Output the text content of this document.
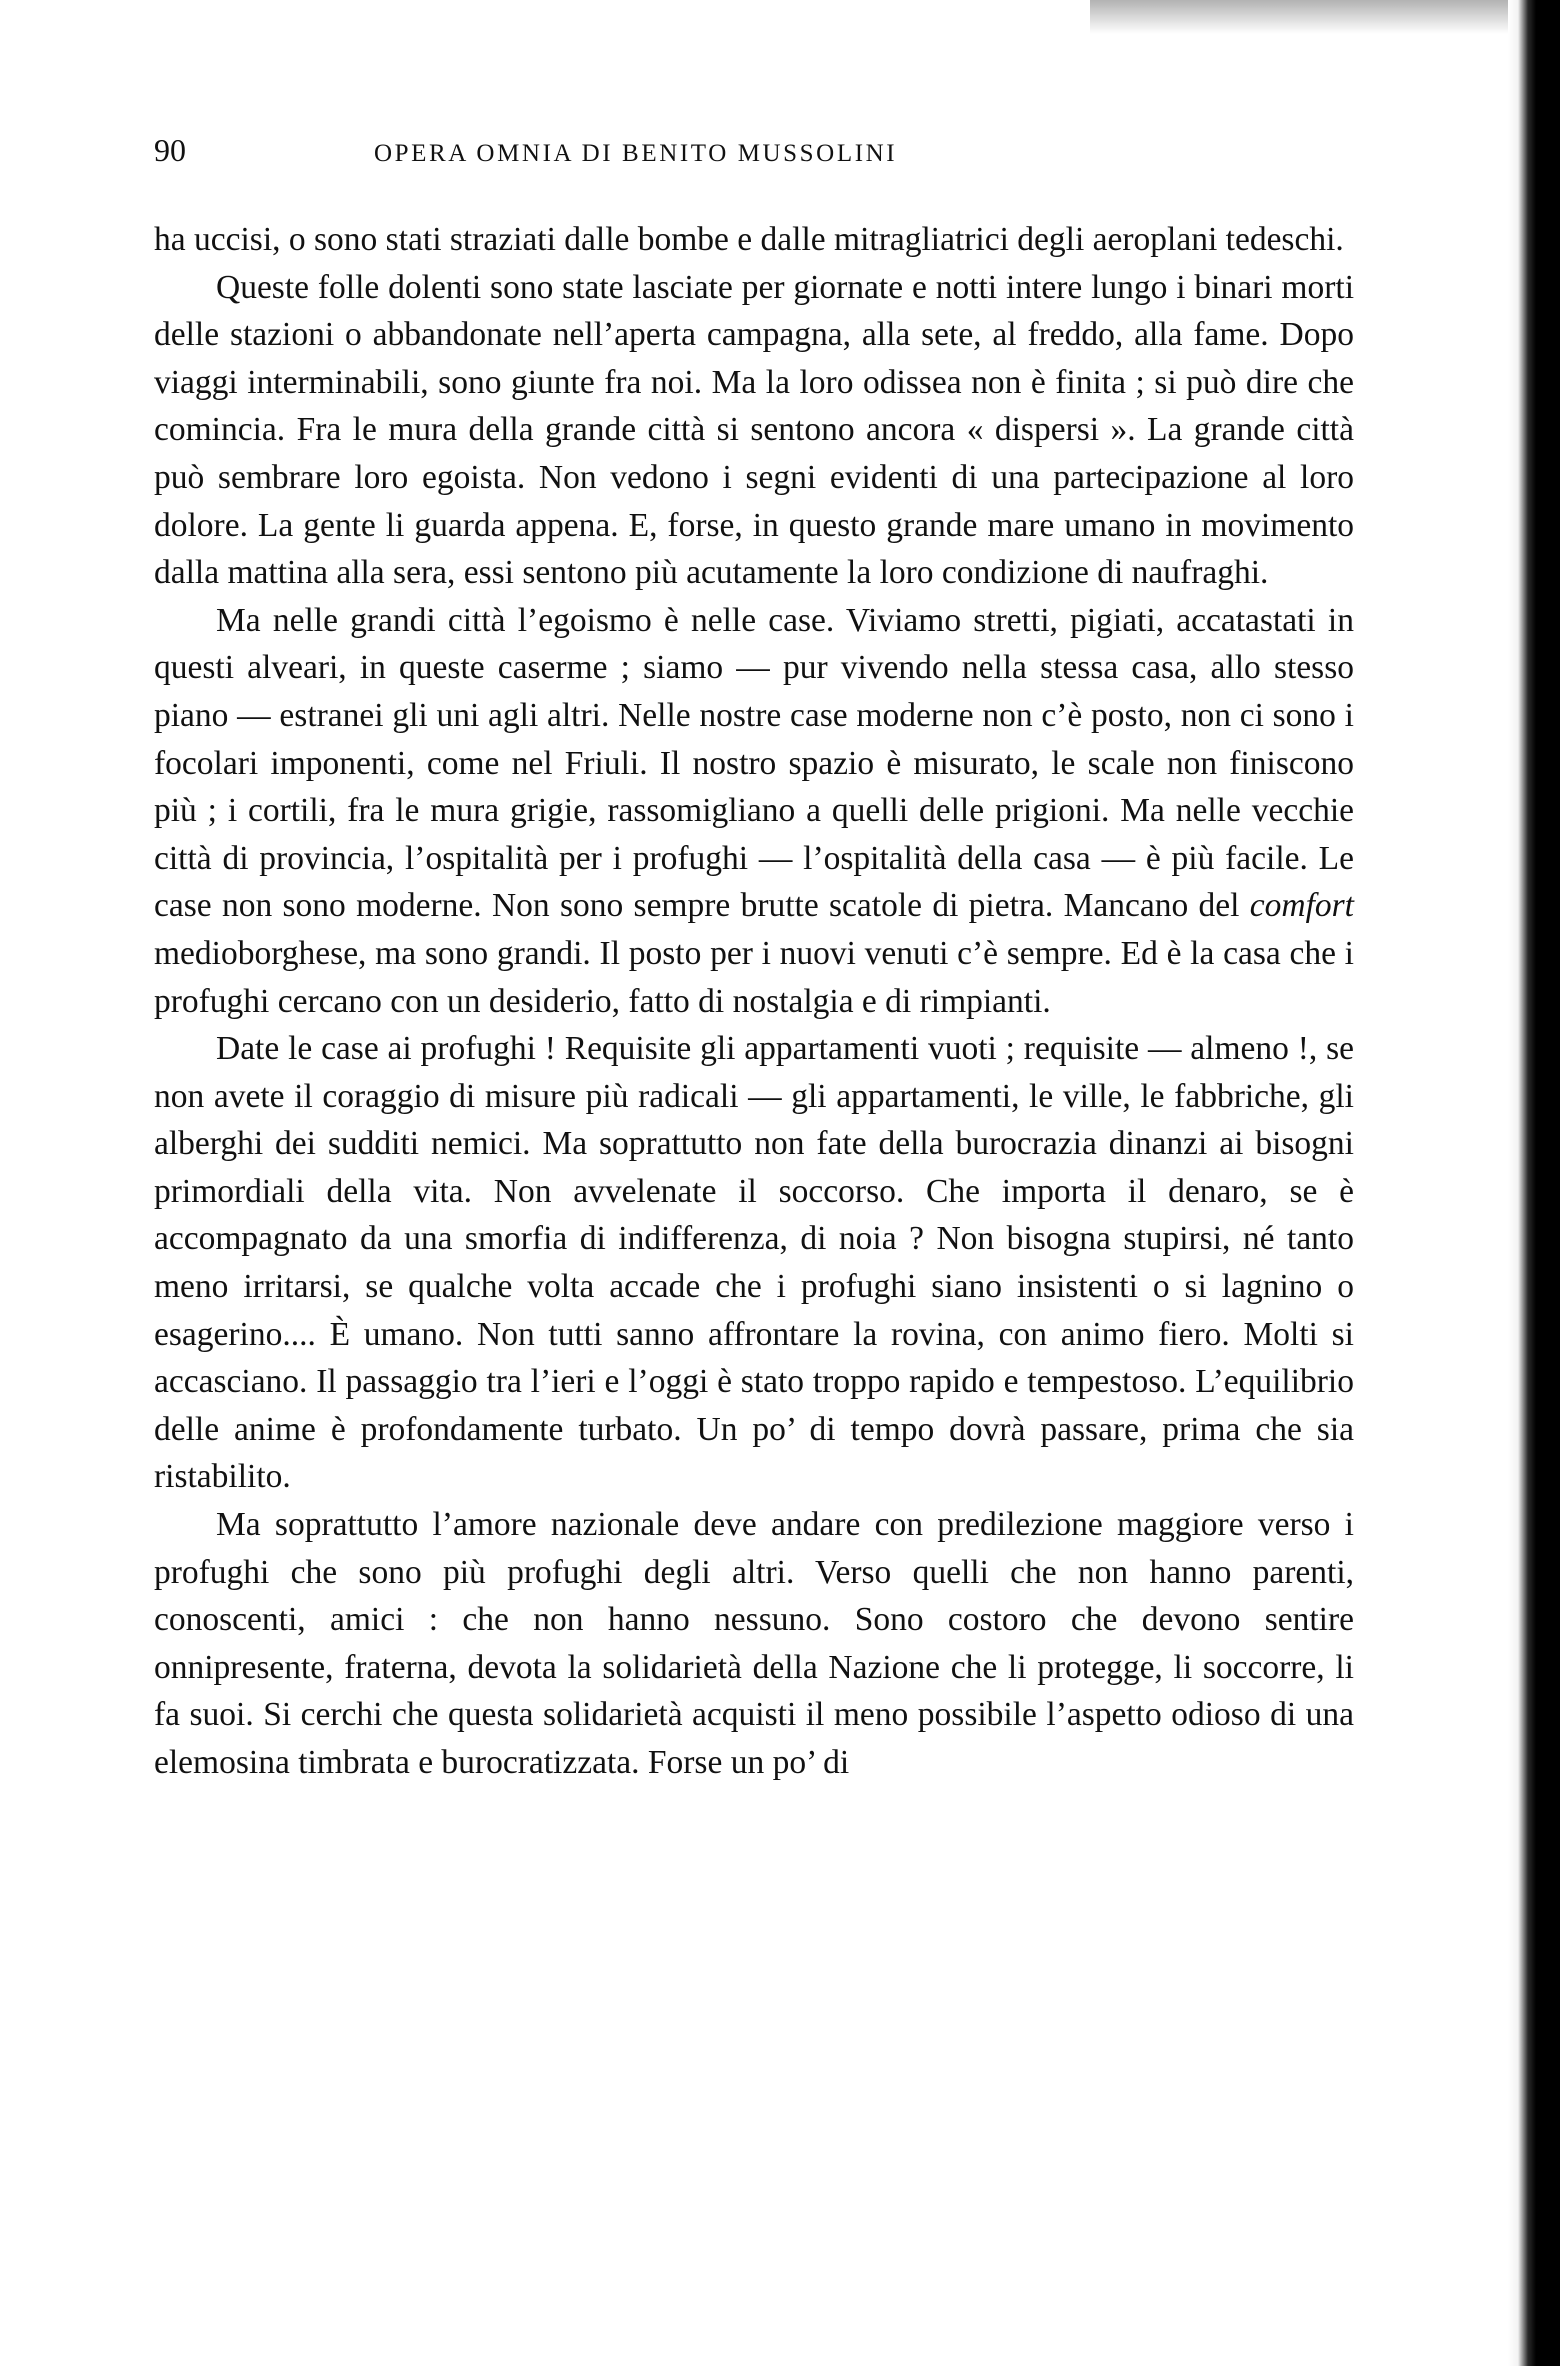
90	OPERA OMNIA DI BENITO MUSSOLINI

ha uccisi, o sono stati straziati dalle bombe e dalle mitragliatrici degli aeroplani tedeschi.

Queste folle dolenti sono state lasciate per giornate e notti intere lungo i binari morti delle stazioni o abbandonate nell’aperta campagna, alla sete, al freddo, alla fame. Dopo viaggi interminabili, sono giunte fra noi. Ma la loro odissea non è finita ; si può dire che comincia. Fra le mura della grande città si sentono ancora « dispersi ». La grande città può sembrare loro egoista. Non vedono i segni evidenti di una partecipazione al loro dolore. La gente li guarda appena. E, forse, in questo grande mare umano in movimento dalla mattina alla sera, essi sentono più acutamente la loro condizione di naufraghi.

Ma nelle grandi città l’egoismo è nelle case. Viviamo stretti, pigiati, accatastati in questi alveari, in queste caserme ; siamo — pur vivendo nella stessa casa, allo stesso piano — estranei gli uni agli altri. Nelle nostre case moderne non c’è posto, non ci sono i focolari imponenti, come nel Friuli. Il nostro spazio è misurato, le scale non finiscono più ; i cortili, fra le mura grigie, rassomigliano a quelli delle prigioni. Ma nelle vecchie città di provincia, l’ospitalità per i profughi — l’ospitalità della casa — è più facile. Le case non sono moderne. Non sono sempre brutte scatole di pietra. Mancano del comfort medioborghese, ma sono grandi. Il posto per i nuovi venuti c’è sempre. Ed è la casa che i profughi cercano con un desiderio, fatto di nostalgia e di rimpianti.

Date le case ai profughi ! Requisite gli appartamenti vuoti ; requisite — almeno !, se non avete il coraggio di misure più radicali — gli appartamenti, le ville, le fabbriche, gli alberghi dei sudditi nemici. Ma soprattutto non fate della burocrazia dinanzi ai bisogni primordiali della vita. Non avvelenate il soccorso. Che importa il denaro, se è accompagnato da una smorfia di indifferenza, di noia ? Non bisogna stupirsi, né tanto meno irritarsi, se qualche volta accade che i profughi siano insistenti o si lagnino o esagerino.... È umano. Non tutti sanno affrontare la rovina, con animo fiero. Molti si accasciano. Il passaggio tra l’ieri e l’oggi è stato troppo rapido e tempestoso. L’equilibrio delle anime è profondamente turbato. Un po’ di tempo dovrà passare, prima che sia ristabilito.

Ma soprattutto l’amore nazionale deve andare con predilezione maggiore verso i profughi che sono più profughi degli altri. Verso quelli che non hanno parenti, conoscenti, amici : che non hanno nessuno. Sono costoro che devono sentire onnipresente, fraterna, devota la solidarietà della Nazione che li protegge, li soccorre, li fa suoi. Si cerchi che questa solidarietà acquisti il meno possibile l’aspetto odioso di una elemosina timbrata e burocratizzata. Forse un po’ di
